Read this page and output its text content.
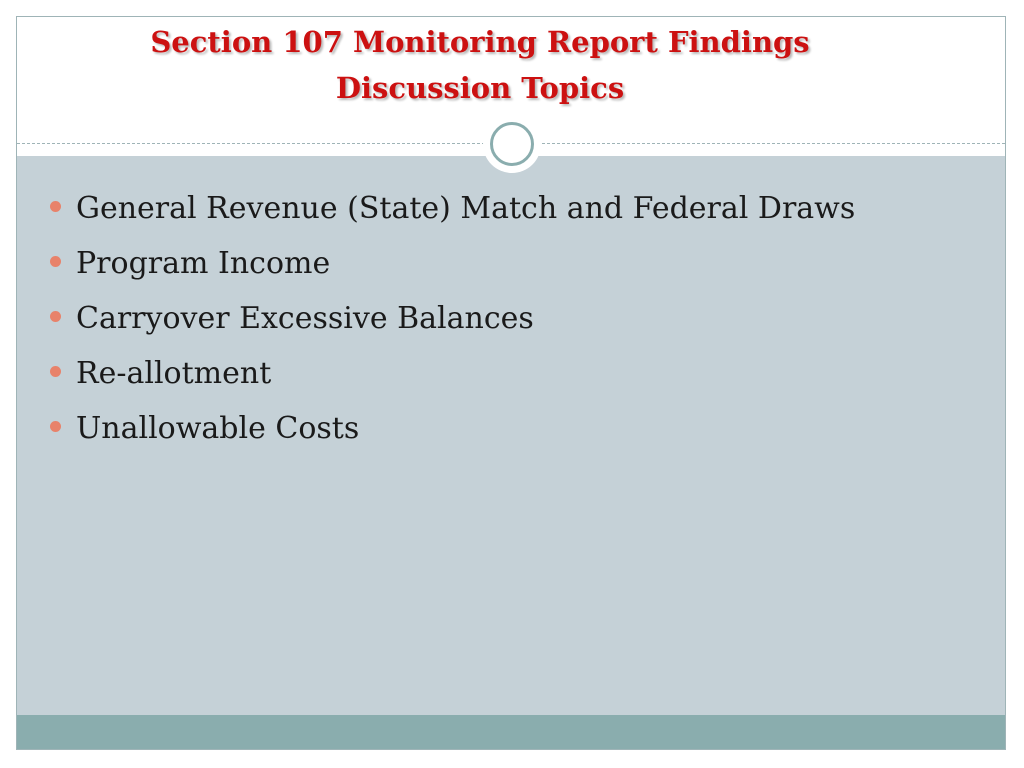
Section 107 Monitoring Report Findings
Discussion Topics
General Revenue (State) Match and Federal Draws
Program Income
Carryover Excessive Balances
Re-allotment
Unallowable Costs
